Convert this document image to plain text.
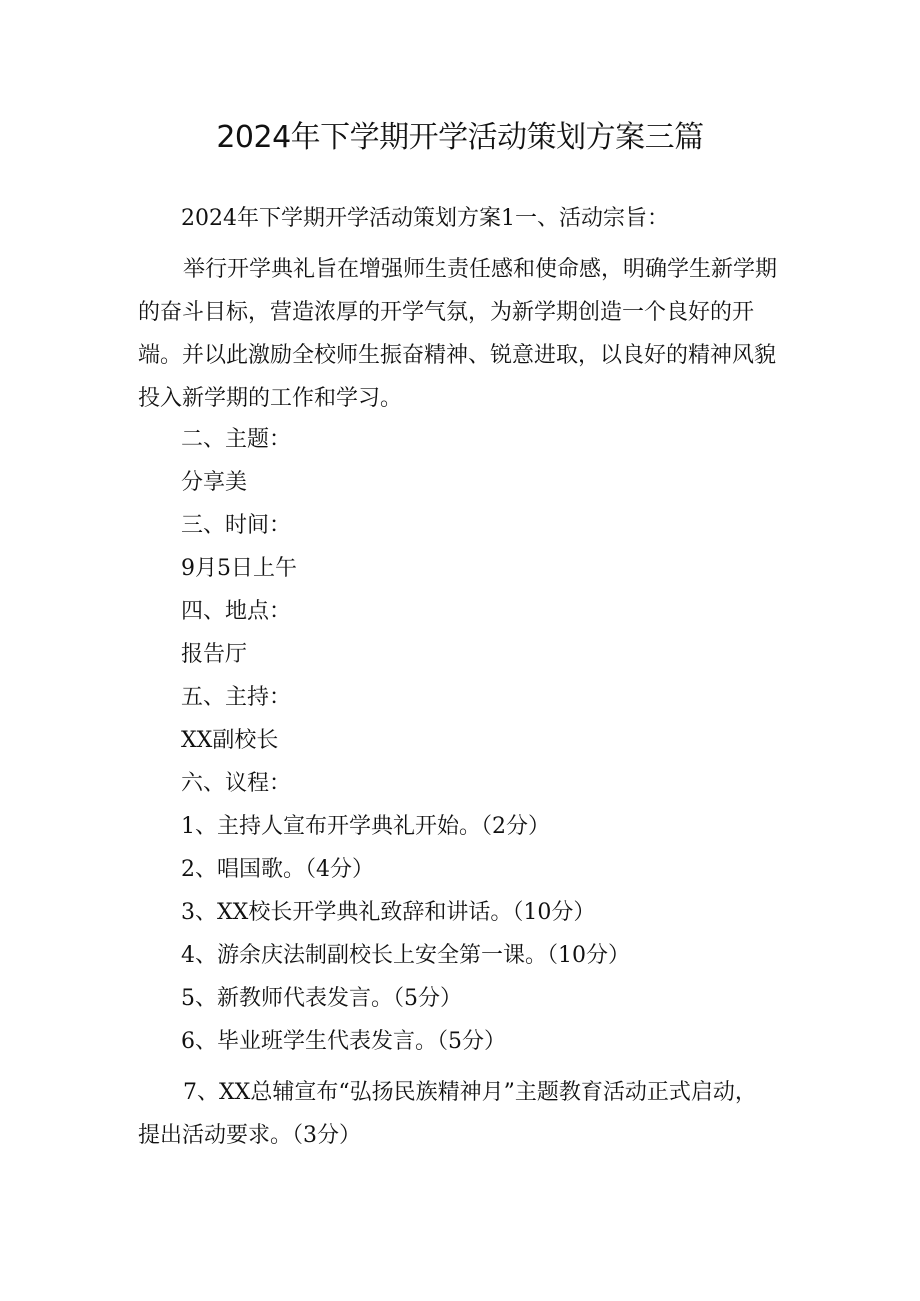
2024年下学期开学活动策划方案三篇

2024年下学期开学活动策划方案1一、活动宗旨：

举行开学典礼旨在增强师生责任感和使命感，明确学生新学期的奋斗目标，营造浓厚的开学气氛，为新学期创造一个良好的开端。并以此激励全校师生振奋精神、锐意进取，以良好的精神风貌投入新学期的工作和学习。

二、主题：

分享美

三、时间：

9月5日上午

四、地点：

报告厅

五、主持：

XX副校长

六、议程：

1、主持人宣布开学典礼开始。（2分）

2、唱国歌。（4分）

3、XX校长开学典礼致辞和讲话。（10分）

4、游余庆法制副校长上安全第一课。（10分）

5、新教师代表发言。（5分）

6、毕业班学生代表发言。（5分）

7、XX总辅宣布“弘扬民族精神月”主题教育活动正式启动，提出活动要求。（3分）
